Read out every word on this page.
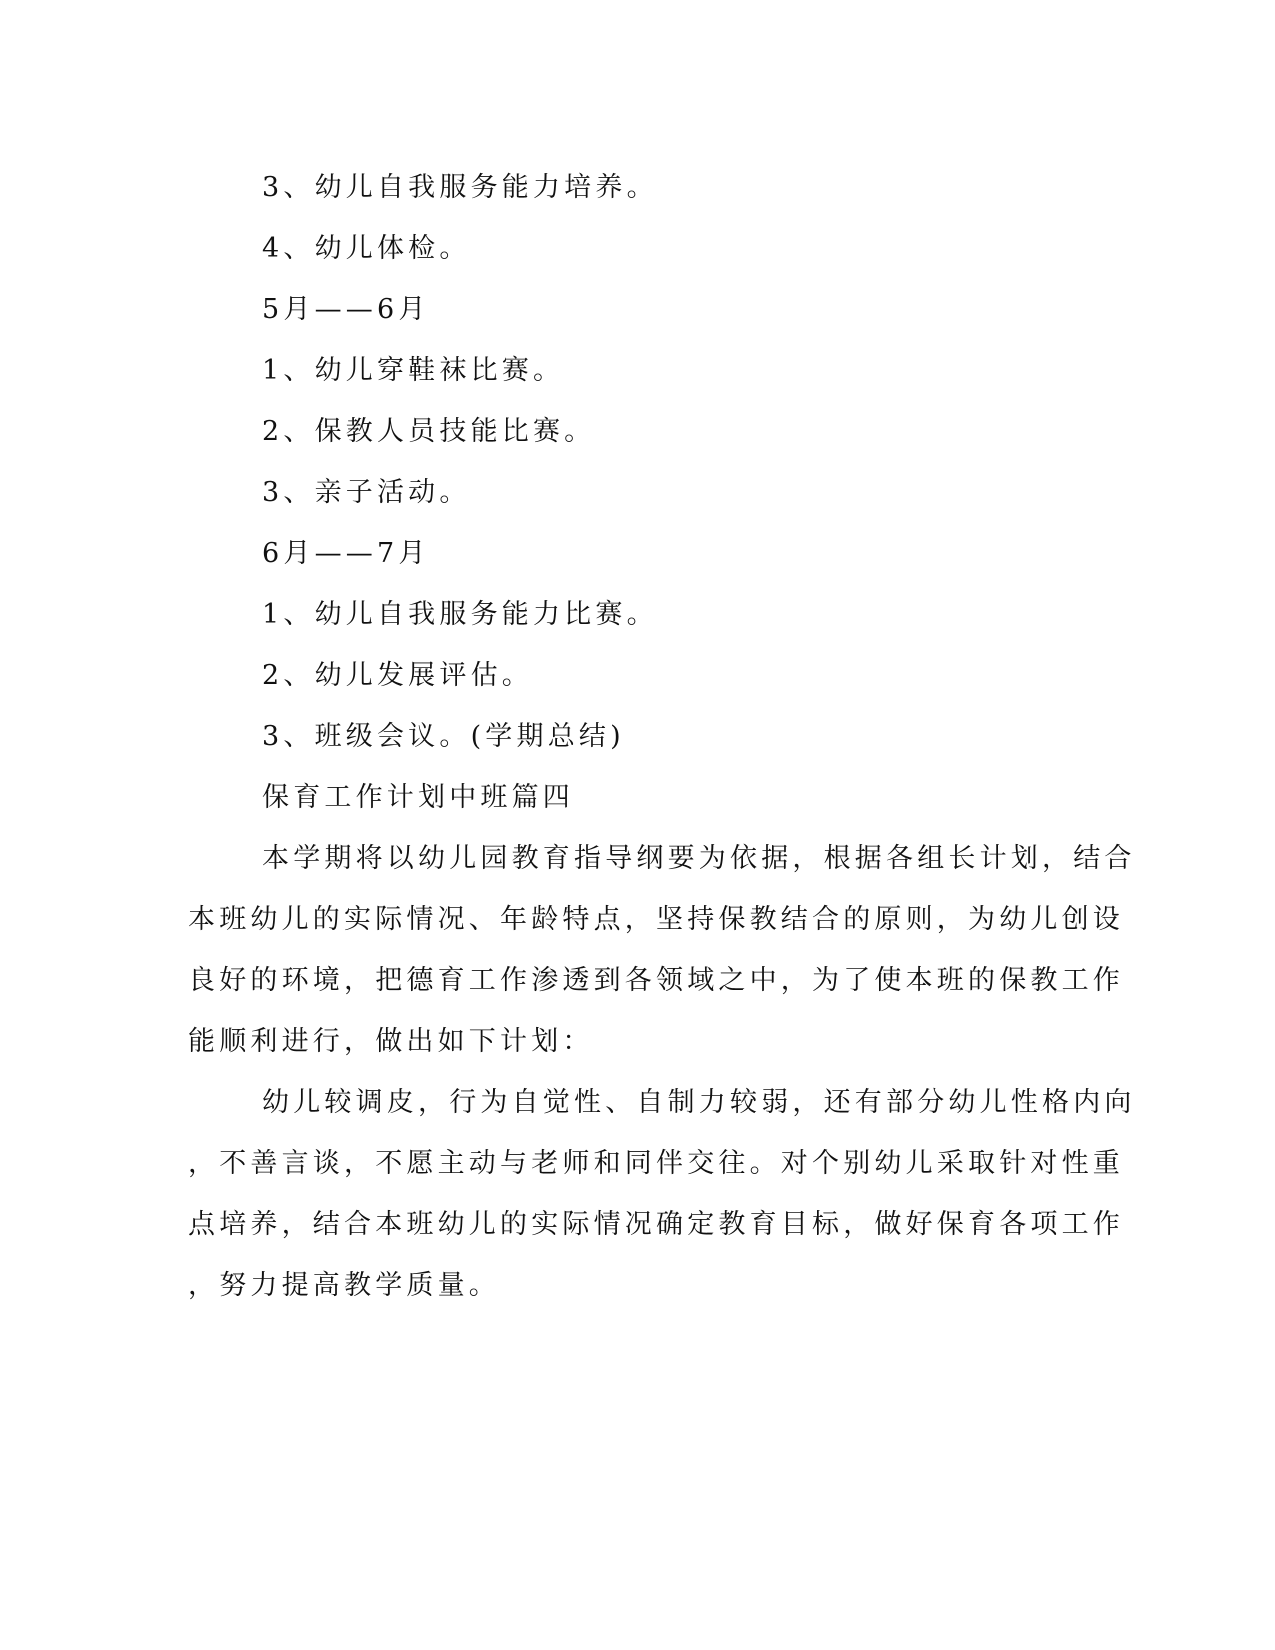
3、幼儿自我服务能力培养。
4、幼儿体检。
5月——6月
1、幼儿穿鞋袜比赛。
2、保教人员技能比赛。
3、亲子活动。
6月——7月
1、幼儿自我服务能力比赛。
2、幼儿发展评估。
3、班级会议。(学期总结)
保育工作计划中班篇四
本学期将以幼儿园教育指导纲要为依据，根据各组长计划，结合
本班幼儿的实际情况、年龄特点，坚持保教结合的原则，为幼儿创设
良好的环境，把德育工作渗透到各领域之中，为了使本班的保教工作
能顺利进行，做出如下计划：
幼儿较调皮，行为自觉性、自制力较弱，还有部分幼儿性格内向
，不善言谈，不愿主动与老师和同伴交往。对个别幼儿采取针对性重
点培养，结合本班幼儿的实际情况确定教育目标，做好保育各项工作
，努力提高教学质量。
